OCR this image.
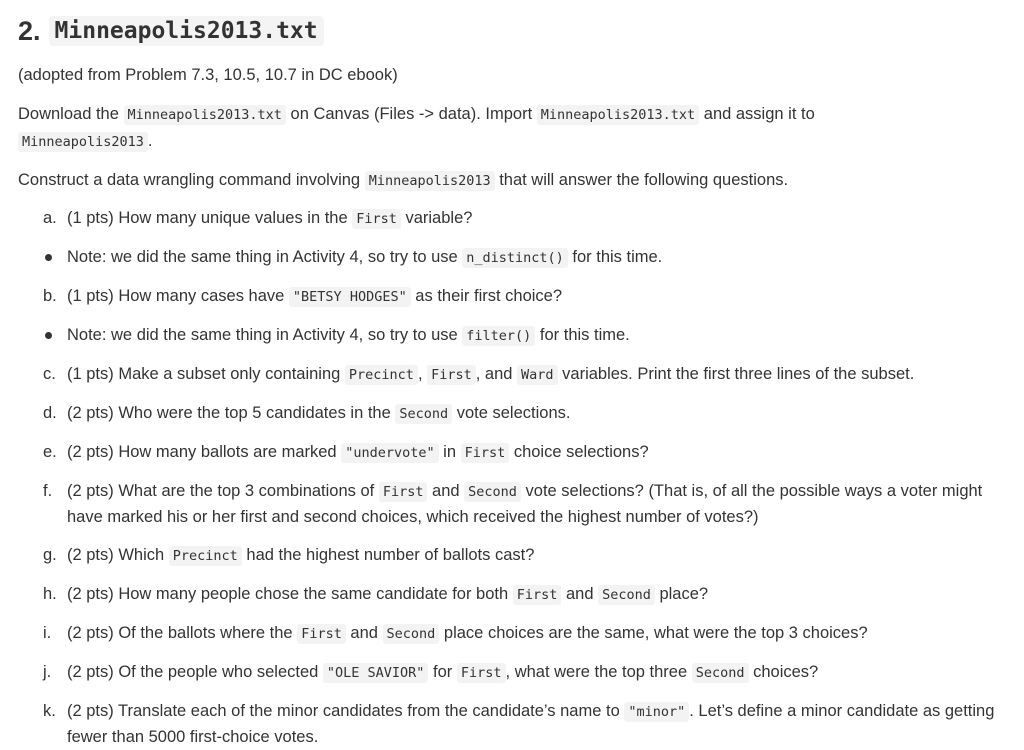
2. Minneapolis2013.txt

(adopted from Problem 7.3, 10.5, 10.7 in DC ebook)

Download the Minneapolis2013.txt on Canvas (Files -> data). Import Minneapolis2013.txt and assign it to
Minneapolis2013 .

Construct a data wrangling command involving Minneapolis2013 that will answer the following questions.

a. (1 pts) How many unique values in the First variable?
Note: we did the same thing in Activity 4, so try to use n_distinct() for this time.
b. (1 pts) How many cases have "BETSY HODGES" as their first choice?
Note: we did the same thing in Activity 4, so try to use filter() for this time.
c. (1 pts) Make a subset only containing Precinct , First , and Ward variables. Print the first three lines of the subset.
d. (2 pts) Who were the top 5 candidates in the Second vote selections.
e. (2 pts) How many ballots are marked "undervote" in First choice selections?
f. (2 pts) What are the top 3 combinations of First and Second vote selections? (That is, of all the possible ways a voter might have marked his or her first and second choices, which received the highest number of votes?)
g. (2 pts) Which Precinct had the highest number of ballots cast?
h. (2 pts) How many people chose the same candidate for both First and Second place?
i. (2 pts) Of the ballots where the First and Second place choices are the same, what were the top 3 choices?
j. (2 pts) Of the people who selected "OLE SAVIOR" for First , what were the top three Second choices?
k. (2 pts) Translate each of the minor candidates from the candidate’s name to "minor" . Let’s define a minor candidate as getting fewer than 5000 first-choice votes.
